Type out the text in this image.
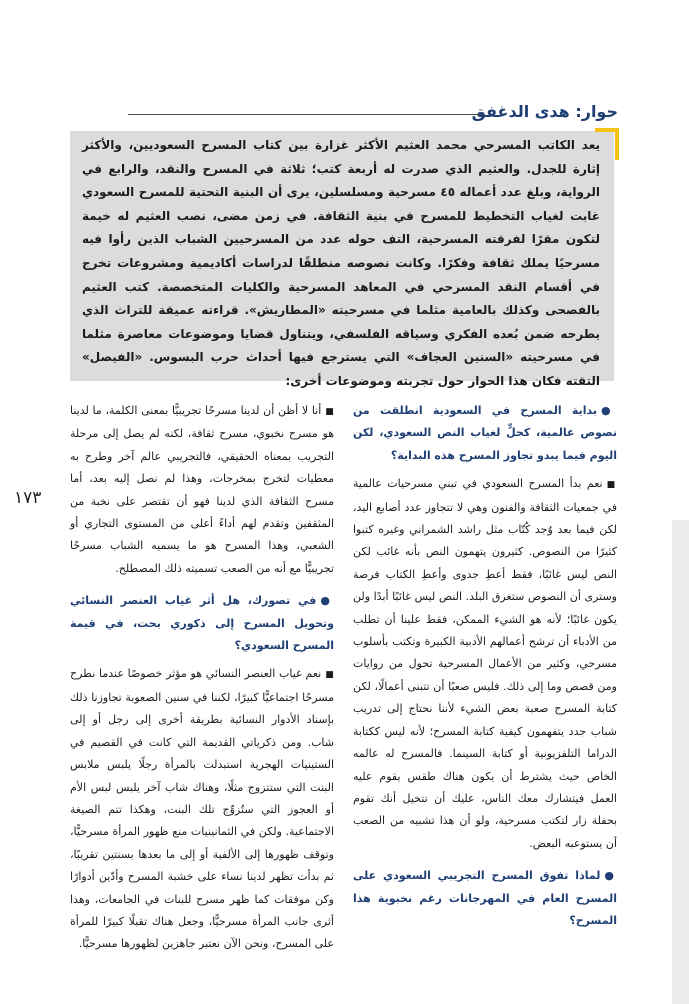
حوار: هدى الدغفق
يعد الكاتب المسرحي محمد العثيم الأكثر غزارة بين كتاب المسرح السعوديين، والأكثر إثارة للجدل. والعثيم الذي صدرت له أربعة كتب؛ ثلاثة في المسرح والنقد، والرابع في الرواية، وبلغ عدد أعماله ٤٥ مسرحية ومسلسلين، يرى أن البنية التحتية للمسرح السعودي غابت لغياب التخطيط للمسرح في بنية الثقافة. في زمن مضى، نصب العثيم له خيمة لتكون مقرًا لفرقته المسرحية، التف حوله عدد من المسرحيين الشباب الذين رأوا فيه مسرحيًا يملك ثقافة وفكرًا. وكانت نصوصه منطلقًا لدراسات أكاديمية ومشروعات تخرج في أقسام النقد المسرحي في المعاهد المسرحية والكليات المتخصصة. كتب العثيم بالفصحى وكذلك بالعامية مثلما في مسرحيته «المطاريش». قراءته عميقة للتراث الذي يطرحه ضمن بُعده الفكري وسياقه الفلسفي، ويتناول قضايا وموضوعات معاصرة مثلما في مسرحيته «السنين العجاف» التي يسترجع فيها أحداث حرب البسوس. «الفيصل» التقته فكان هذا الحوار حول تجربته وموضوعات أخرى:
١٧٣

●بداية المسرح في السعودية انطلقت من نصوص عالمية، كحلٍّ لغياب النص السعودي، لكن اليوم فيما يبدو تجاوز المسرح هذه البداية؟

■نعم بدأ المسرح السعودي في تبني مسرحيات عالمية في جمعيات الثقافة والفنون وهي لا تتجاوز عدد أصابع اليد، لكن فيما بعد وُجد كُتّاب مثل راشد الشمراني وغيره كتبوا كثيرًا من النصوص. كثيرون يتهمون النص بأنه غائب لكن النص ليس غائبًا، فقط أعطِ جدوى وأعطِ الكتاب فرصة وسترى أن النصوص ستغرق البلد. النص ليس غائبًا أبدًا ولن يكون غائبًا؛ لأنه هو الشيء الممكن، فقط علينا أن تطلب من الأدباء أن ترشح أعمالهم الأدبية الكبيرة وتكتب بأسلوب مسرحي، وكثير من الأعمال المسرحية تحول من روايات ومن قصص وما إلى ذلك. فليس صعبًا أن تتبنى أعمالًا، لكن كتابة المسرح صعبة بعض الشيء لأننا نحتاج إلى تدريب شباب جدد يتفهمون كيفية كتابة المسرح؛ لأنه ليس ككتابة الدراما التلفزيونية أو كتابة السينما. فالمسرح له عالمه الخاص حيث يشترط أن يكون هناك طقس يقوم عليه العمل فيتشارك معك الناس، عليك أن تتخيل أنك تقوم بحفلة زار لتكتب مسرحية، ولو أن هذا تشبيه من الصعب أن يستوعبه البعض.

●لماذا تفوق المسرح التجريبي السعودي على المسرح العام في المهرجانات رغم نخبوية هذا المسرح؟

■أنا لا أظن أن لدينا مسرحًا تجريبيًّا بمعنى الكلمة، ما لدينا هو مسرح نخبوي، مسرح ثقافة، لكنه لم يصل إلى مرحلة التجريب بمعناه الحقيقي، فالتجريبي عالم آخر وطرح به معطيات لتخرج بمخرجات، وهذا لم نصل إليه بعد، أما مسرح الثقافة الذي لدينا فهو أن تقتصر على نخبة من المثقفين وتقدم لهم أداءً أعلى من المستوى التجاري أو الشعبي، وهذا المسرح هو ما يسميه الشباب مسرحًا تجريبيًّا مع أنه من الصعب تسميته ذلك المصطلح.

●في تصورك، هل أثر غياب العنصر النسائي وتحويل المسرح إلى ذكوري بحت، في قيمة المسرح السعودي؟

■نعم غياب العنصر النسائي هو مؤثر خصوصًا عندما نطرح مسرحًا اجتماعيًّا كبيرًا، لكننا في سنين الصعوبة تجاوزنا ذلك بإسناد الأدوار النسائية بطريقة أخرى إلى رجل أو إلى شاب. ومن ذكرياتي القديمة التي كانت في القصيم في الستينيات الهجرية استبدلت بالمرأة رجلًا يلبس ملابس البنت التي ستتزوج مثلًا، وهناك شاب آخر يلبس لبس الأم أو العجوز التي ستُزوِّج تلك البنت، وهكذا تتم الصيغة الاجتماعية. ولكن في الثمانينيات منع ظهور المرأة مسرحيًّا، وتوقف ظهورها إلى الألفية أو إلى ما بعدها بسنتين تقريبًا، ثم بدأت تظهر لدينا نساء على خشبة المسرح وأدّين أدوارًا وكن موفقات كما ظهر مسرح للبنات في الجامعات، وهذا أثرى جانب المرأة مسرحيًّا، وجعل هناك تقبلًا كبيرًا للمرأة على المسرح، ونحن الآن نعتبر جاهزين لظهورها مسرحيًّا.
